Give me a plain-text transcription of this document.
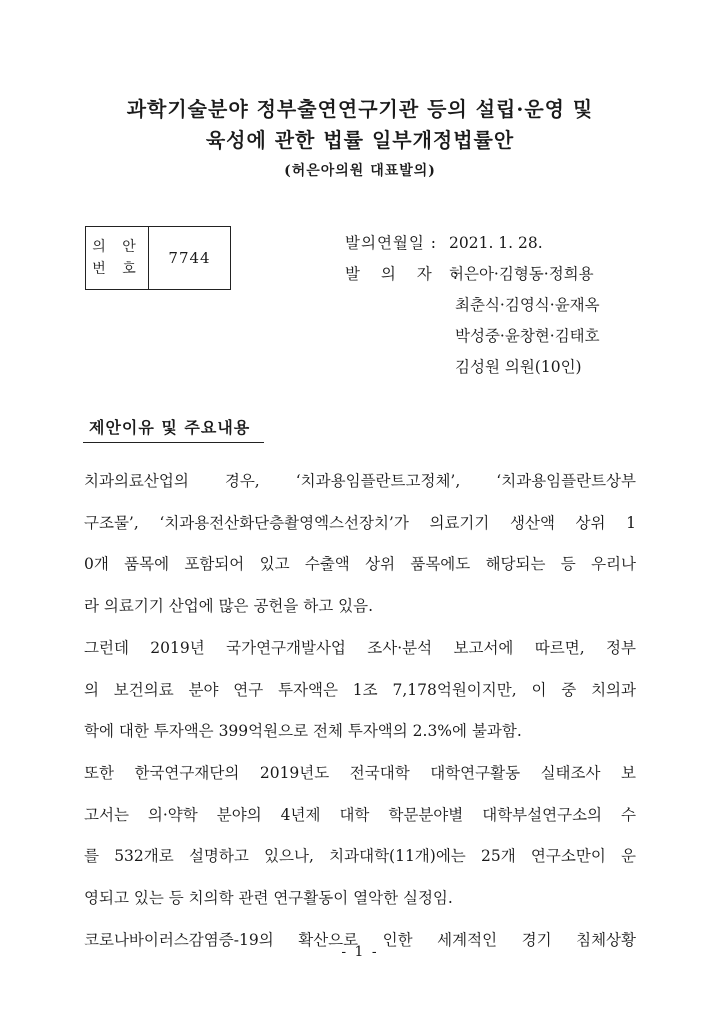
과학기술분야 정부출연연구기관 등의 설립·운영 및
육성에 관한 법률 일부개정법률안
(허은아의원 대표발의)
의 안
번 호
7744
발의연월일 : 2021. 1. 28.
발 의 자 :
허은아·김형동·정희용
최춘식·김영식·윤재옥
박성중·윤창현·김태호
김성원 의원(10인)
제안이유 및 주요내용
치과의료산업의 경우, ‘치과용임플란트고정체’, ‘치과용임플란트상부
구조물’, ‘치과용전산화단층촬영엑스선장치’가 의료기기 생산액 상위 1
0개 품목에 포함되어 있고 수출액 상위 품목에도 해당되는 등 우리나
라 의료기기 산업에 많은 공헌을 하고 있음.
그런데 2019년 국가연구개발사업 조사·분석 보고서에 따르면, 정부
의 보건의료 분야 연구 투자액은 1조 7,178억원이지만, 이 중 치의과
학에 대한 투자액은 399억원으로 전체 투자액의 2.3%에 불과함.
또한 한국연구재단의 2019년도 전국대학 대학연구활동 실태조사 보
고서는 의·약학 분야의 4년제 대학 학문분야별 대학부설연구소의 수
를 532개로 설명하고 있으나, 치과대학(11개)에는 25개 연구소만이 운
영되고 있는 등 치의학 관련 연구활동이 열악한 실정임.
코로나바이러스감염증-19의 확산으로 인한 세계적인 경기 침체상황
- 1 -
